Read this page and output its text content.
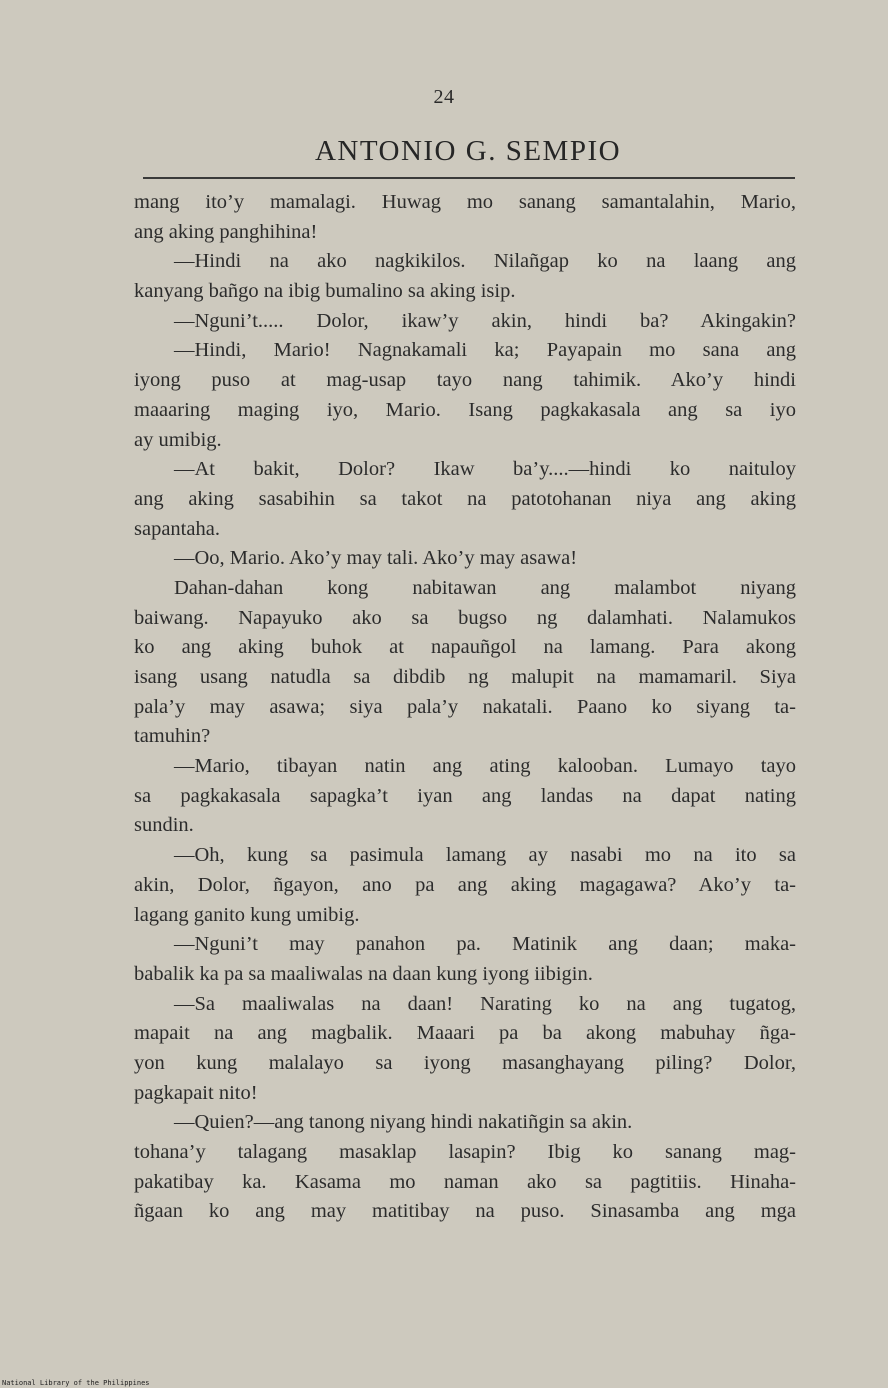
24
ANTONIO G. SEMPIO
mang ito’y mamalagi. Huwag mo sanang samantalahin, Mario,
ang aking panghihina!
—Hindi na ako nagkikilos. Nilañgap ko na laang ang
kanyang bañgo na ibig bumalino sa aking isip.
—Nguni’t..... Dolor, ikaw’y akin, hindi ba? Akingakin?
—Hindi, Mario! Nagnakamali ka; Payapain mo sana ang
iyong puso at mag-usap tayo nang tahimik. Ako’y hindi
maaaring maging iyo, Mario. Isang pagkakasala ang sa iyo
ay umibig.
—At bakit, Dolor? Ikaw ba’y....—hindi ko naituloy
ang aking sasabihin sa takot na patotohanan niya ang aking
sapantaha.
—Oo, Mario. Ako’y may tali. Ako’y may asawa!
Dahan-dahan kong nabitawan ang malambot niyang
baiwang. Napayuko ako sa bugso ng dalamhati. Nalamukos
ko ang aking buhok at napauñgol na lamang. Para akong
isang usang natudla sa dibdib ng malupit na mamamaril. Siya
pala’y may asawa; siya pala’y nakatali. Paano ko siyang ta-
tamuhin?
—Mario, tibayan natin ang ating kalooban. Lumayo tayo
sa pagkakasala sapagka’t iyan ang landas na dapat nating
sundin.
—Oh, kung sa pasimula lamang ay nasabi mo na ito sa
akin, Dolor, ñgayon, ano pa ang aking magagawa? Ako’y ta-
lagang ganito kung umibig.
—Nguni’t may panahon pa. Matinik ang daan; maka-
babalik ka pa sa maaliwalas na daan kung iyong iibigin.
—Sa maaliwalas na daan! Narating ko na ang tugatog,
mapait na ang magbalik. Maaari pa ba akong mabuhay ñga-
yon kung malalayo sa iyong masanghayang piling? Dolor,
pagkapait nito!
—Quien?—ang tanong niyang hindi nakatiñgin sa akin.
tohana’y talagang masaklap lasapin? Ibig ko sanang mag-
pakatibay ka. Kasama mo naman ako sa pagtitiis. Hinaha-
ñgaan ko ang may matitibay na puso. Sinasamba ang mga
National Library of the Philippines
